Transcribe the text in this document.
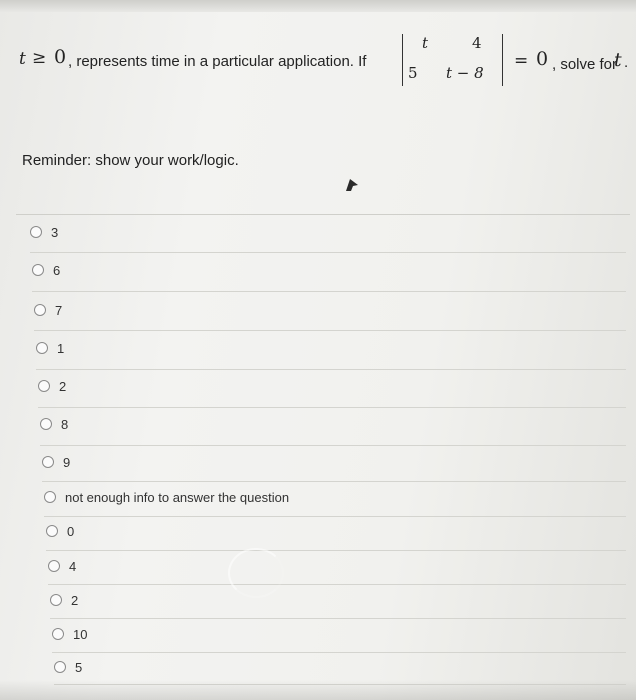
t ≥ 0 , represents time in a particular application. If
t	4
5 t − 8
= 0 , solve for
t .
Reminder: show your work/logic.
3
6
7
1
2
8
9
not enough info to answer the question
0
4
2
10
5
